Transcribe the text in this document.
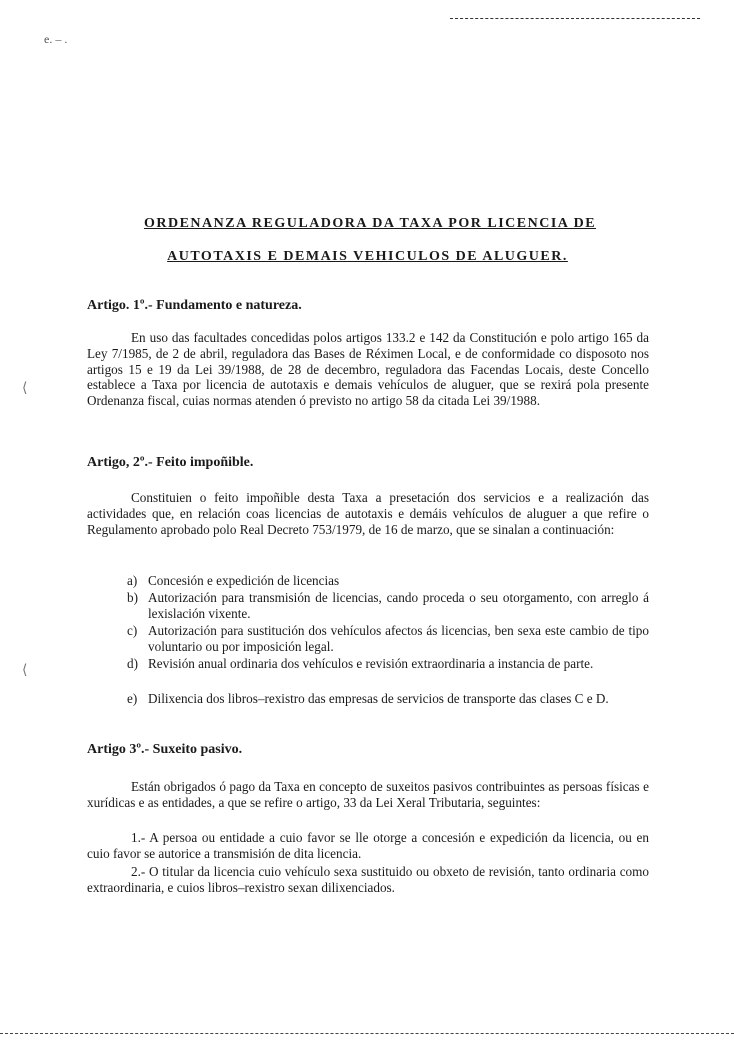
e. – .
ORDENANZA REGULADORA DA TAXA POR LICENCIA DE
AUTOTAXIS E DEMAIS VEHICULOS DE ALUGUER.
Artigo. 1º.- Fundamento e natureza.

En uso das facultades concedidas polos artigos 133.2 e 142 da Constitución e polo artigo 165 da Ley 7/1985, de 2 de abril, reguladora das Bases de Réximen Local, e de conformidade co disposoto nos artigos 15 e 19 da Lei 39/1988, de 28 de decembro, reguladora das Facendas Locais, deste Concello establece a Taxa por licencia de autotaxis e demais vehículos de aluguer, que se rexirá pola presente Ordenanza fiscal, cuias normas atenden ó previsto no artigo 58 da citada Lei 39/1988.

⟨
Artigo, 2º.- Feito impoñible.

Constituien o feito impoñible desta Taxa a presetación dos servicios e a realización das actividades que, en relación coas licencias de autotaxis e demáis vehículos de aluguer a que refire o Regulamento aprobado polo Real Decreto 753/1979, de 16 de marzo, que se sinalan a continuación:

a) Concesión e expedición de licencias
b) Autorización para transmisión de licencias, cando proceda o seu otorgamento, con arreglo á lexislación vixente.
c) Autorización para sustitución dos vehículos afectos ás licencias, ben sexa este cambio de tipo voluntario ou por imposición legal.
d) Revisión anual ordinaria dos vehículos e revisión extraordinaria a instancia de parte.
⟨
e) Dilixencia dos libros–rexistro das empresas de servicios de transporte das clases C e D.
Artigo 3º.- Suxeito pasivo.

Están obrigados ó pago da Taxa en concepto de suxeitos pasivos contribuintes as persoas físicas e xurídicas e as entidades, a que se refire o artigo, 33 da Lei Xeral Tributaria, seguintes:

1.- A persoa ou entidade a cuio favor se lle otorge a concesión e expedición da licencia, ou en cuio favor se autorice a transmisión de dita licencia.

2.- O titular da licencia cuio vehículo sexa sustituido ou obxeto de revisión, tanto ordinaria como extraordinaria, e cuios libros–rexistro sexan dilixenciados.
